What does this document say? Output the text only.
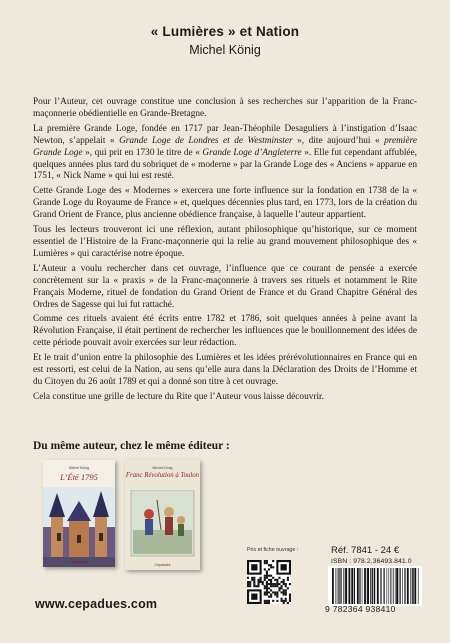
« Lumières » et Nation
Michel König

Pour l’Auteur, cet ouvrage constitue une conclusion à ses recherches sur l’apparition de la Franc-maçonnerie obédientielle en Grande-Bretagne.

La première Grande Loge, fondée en 1717 par Jean-Théophile Desaguliers à l’instigation d’Isaac Newton, s’appelait « Grande Loge de Londres et de Westminster », dite aujourd’hui « première Grande Loge », qui prit en 1730 le titre de « Grande Loge d’Angleterre ». Elle fut cependant affublée, quelques années plus tard du sobriquet de « moderne » par la Grande Loge des « Anciens » apparue en 1751, « Nick Name » qui lui est resté.

Cette Grande Loge des « Modernes » exercera une forte influence sur la fondation en 1738 de la « Grande Loge du Royaume de France » et, quelques décennies plus tard, en 1773, lors de la création du Grand Orient de France, plus ancienne obédience française, à laquelle l’auteur appartient.

Tous les lecteurs trouveront ici une réflexion, autant philosophique qu’historique, sur ce moment essentiel de l’Histoire de la Franc-maçonnerie qui la relie au grand mouvement philosophique des « Lumières » qui caractérise notre époque.

L’Auteur a voulu rechercher dans cet ouvrage, l’influence que ce courant de pensée a exercée concrètement sur la « praxis » de la Franc-maçonnerie à travers ses rituels et notamment le Rite Français Moderne, rituel de fondation du Grand Orient de France et du Grand Chapitre Général des Ordres de Sagesse qui lui fut rattaché.

Comme ces rituels avaient été écrits entre 1782 et 1786, soit quelques années à peine avant la Révolution Française, il était pertinent de rechercher les influences que le bouillonnement des idées de cette période pouvait avoir exercées sur leur rédaction.

Et le trait d’union entre la philosophie des Lumières et les idées prérévolutionnaires en France qui en est ressorti, est celui de la Nation, au sens qu’elle aura dans la Déclaration des Droits de l’Homme et du Citoyen du 26 août 1789 et qui a donné son titre à cet ouvrage.

Cela constitue une grille de lecture du Rite que l’Auteur vous laisse découvrir.

Du même auteur, chez le même éditeur :
Michel König
L’Été 1795
Cépaduès
Michel König
Franc Révolution à Toulon
Cépaduès
Prix et fiche ouvrage :	Réf. 7841 - 24 €
ISBN : 978.2.36493.841.0
9 782364 938410
www.cepadues.com
